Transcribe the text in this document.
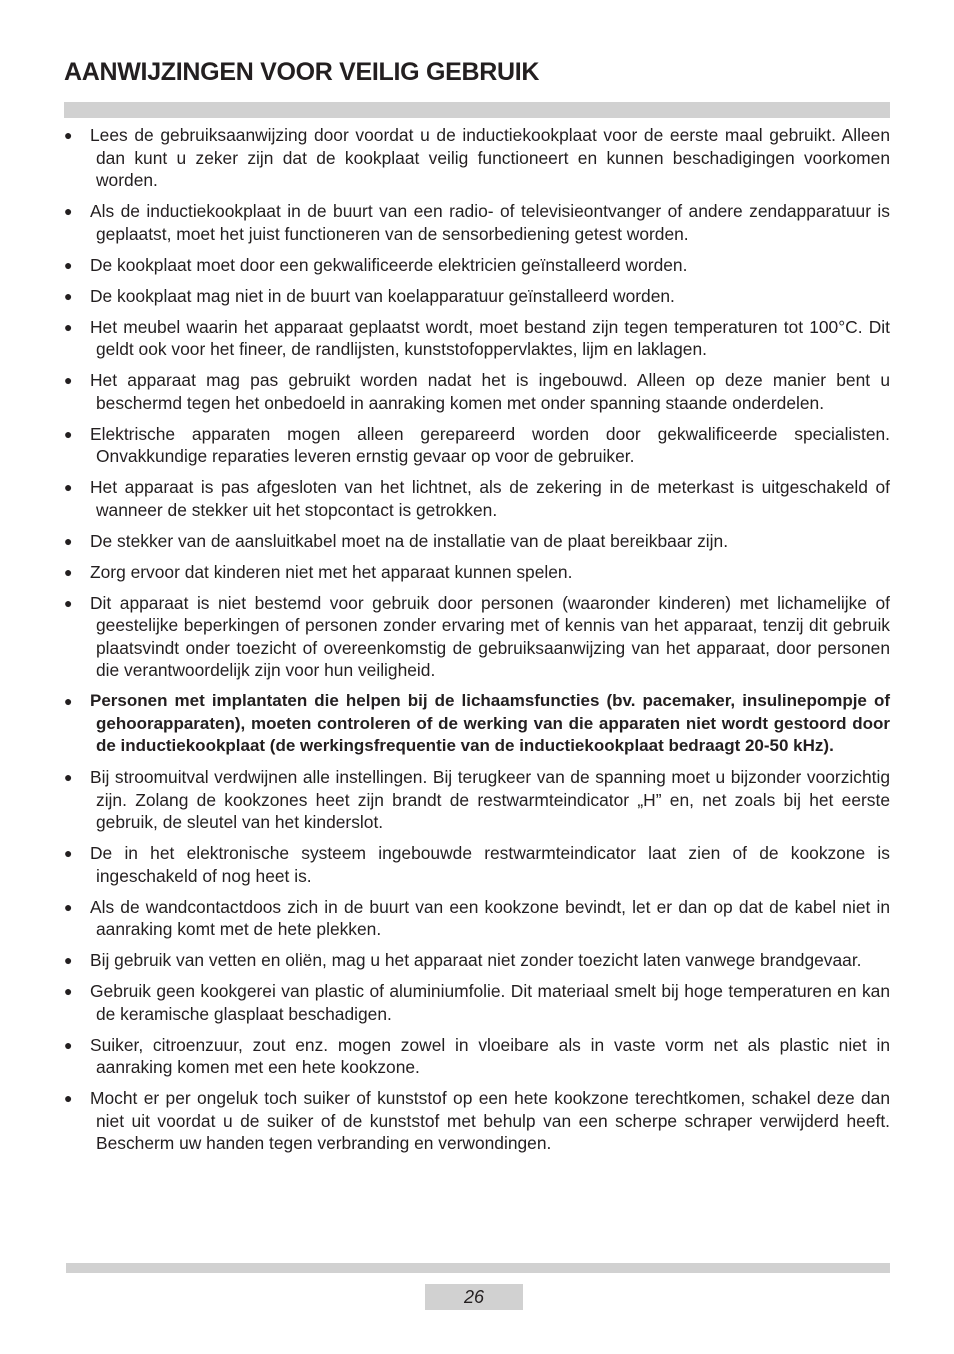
AANWIJZINGEN VOOR VEILIG GEBRUIK
● Lees de gebruiksaanwijzing door voordat u de inductiekookplaat voor de eerste maal gebruikt. Alleen dan kunt u zeker zijn dat de kookplaat veilig functioneert en kunnen beschadigingen voorkomen worden.
● Als de inductiekookplaat in de buurt van een radio- of televisieontvanger of andere zendapparatuur is geplaatst, moet het juist functioneren van de sensorbediening getest worden.
● De kookplaat moet door een gekwalificeerde elektricien geïnstalleerd worden.
● De kookplaat mag niet in de buurt van koelapparatuur geïnstalleerd worden.
● Het meubel waarin het apparaat geplaatst wordt, moet bestand zijn tegen temperaturen tot 100°C. Dit geldt ook voor het fineer, de randlijsten, kunststofoppervlaktes, lijm en laklagen.
● Het apparaat mag pas gebruikt worden nadat het is ingebouwd. Alleen op deze manier bent u beschermd tegen het onbedoeld in aanraking komen met onder spanning staande onderdelen.
● Elektrische apparaten mogen alleen gerepareerd worden door gekwalificeerde specialisten. Onvakkundige reparaties leveren ernstig gevaar op voor de gebruiker.
● Het apparaat is pas afgesloten van het lichtnet, als de zekering in de meterkast is uitgeschakeld of wanneer de stekker uit het stopcontact is getrokken.
● De stekker van de aansluitkabel moet na de installatie van de plaat bereikbaar zijn.
● Zorg ervoor dat kinderen niet met het apparaat kunnen spelen.
● Dit apparaat is niet bestemd voor gebruik door personen (waaronder kinderen) met lichamelijke of geestelijke beperkingen of personen zonder ervaring met of kennis van het apparaat, tenzij dit gebruik plaatsvindt onder toezicht of overeenkomstig de gebruiksaanwijzing van het apparaat, door personen die verantwoordelijk zijn voor hun veiligheid.
● Personen met implantaten die helpen bij de lichaamsfuncties (bv. pacemaker, insulinepompje of gehoorapparaten), moeten controleren of de werking van die apparaten niet wordt gestoord door de inductiekookplaat (de werkingsfrequentie van de inductiekookplaat bedraagt 20-50 kHz).
● Bij stroomuitval verdwijnen alle instellingen. Bij terugkeer van de spanning moet u bijzonder voorzichtig zijn. Zolang de kookzones heet zijn brandt de restwarmteindicator „H” en, net zoals bij het eerste gebruik, de sleutel van het kinderslot.
● De in het elektronische systeem ingebouwde restwarmteindicator laat zien of de kookzone is ingeschakeld of nog heet is.
● Als de wandcontactdoos zich in de buurt van een kookzone bevindt, let er dan op dat de kabel niet in aanraking komt met de hete plekken.
● Bij gebruik van vetten en oliën, mag u het apparaat niet zonder toezicht laten vanwege brandgevaar.
● Gebruik geen kookgerei van plastic of aluminiumfolie. Dit materiaal smelt bij hoge temperaturen en kan de keramische glasplaat beschadigen.
● Suiker, citroenzuur, zout enz. mogen zowel in vloeibare als in vaste vorm net als plastic niet in aanraking komen met een hete kookzone.
● Mocht er per ongeluk toch suiker of kunststof op een hete kookzone terechtkomen, schakel deze dan niet uit voordat u de suiker of de kunststof met behulp van een scherpe schraper verwijderd heeft. Bescherm uw handen tegen verbranding en verwondingen.
26
